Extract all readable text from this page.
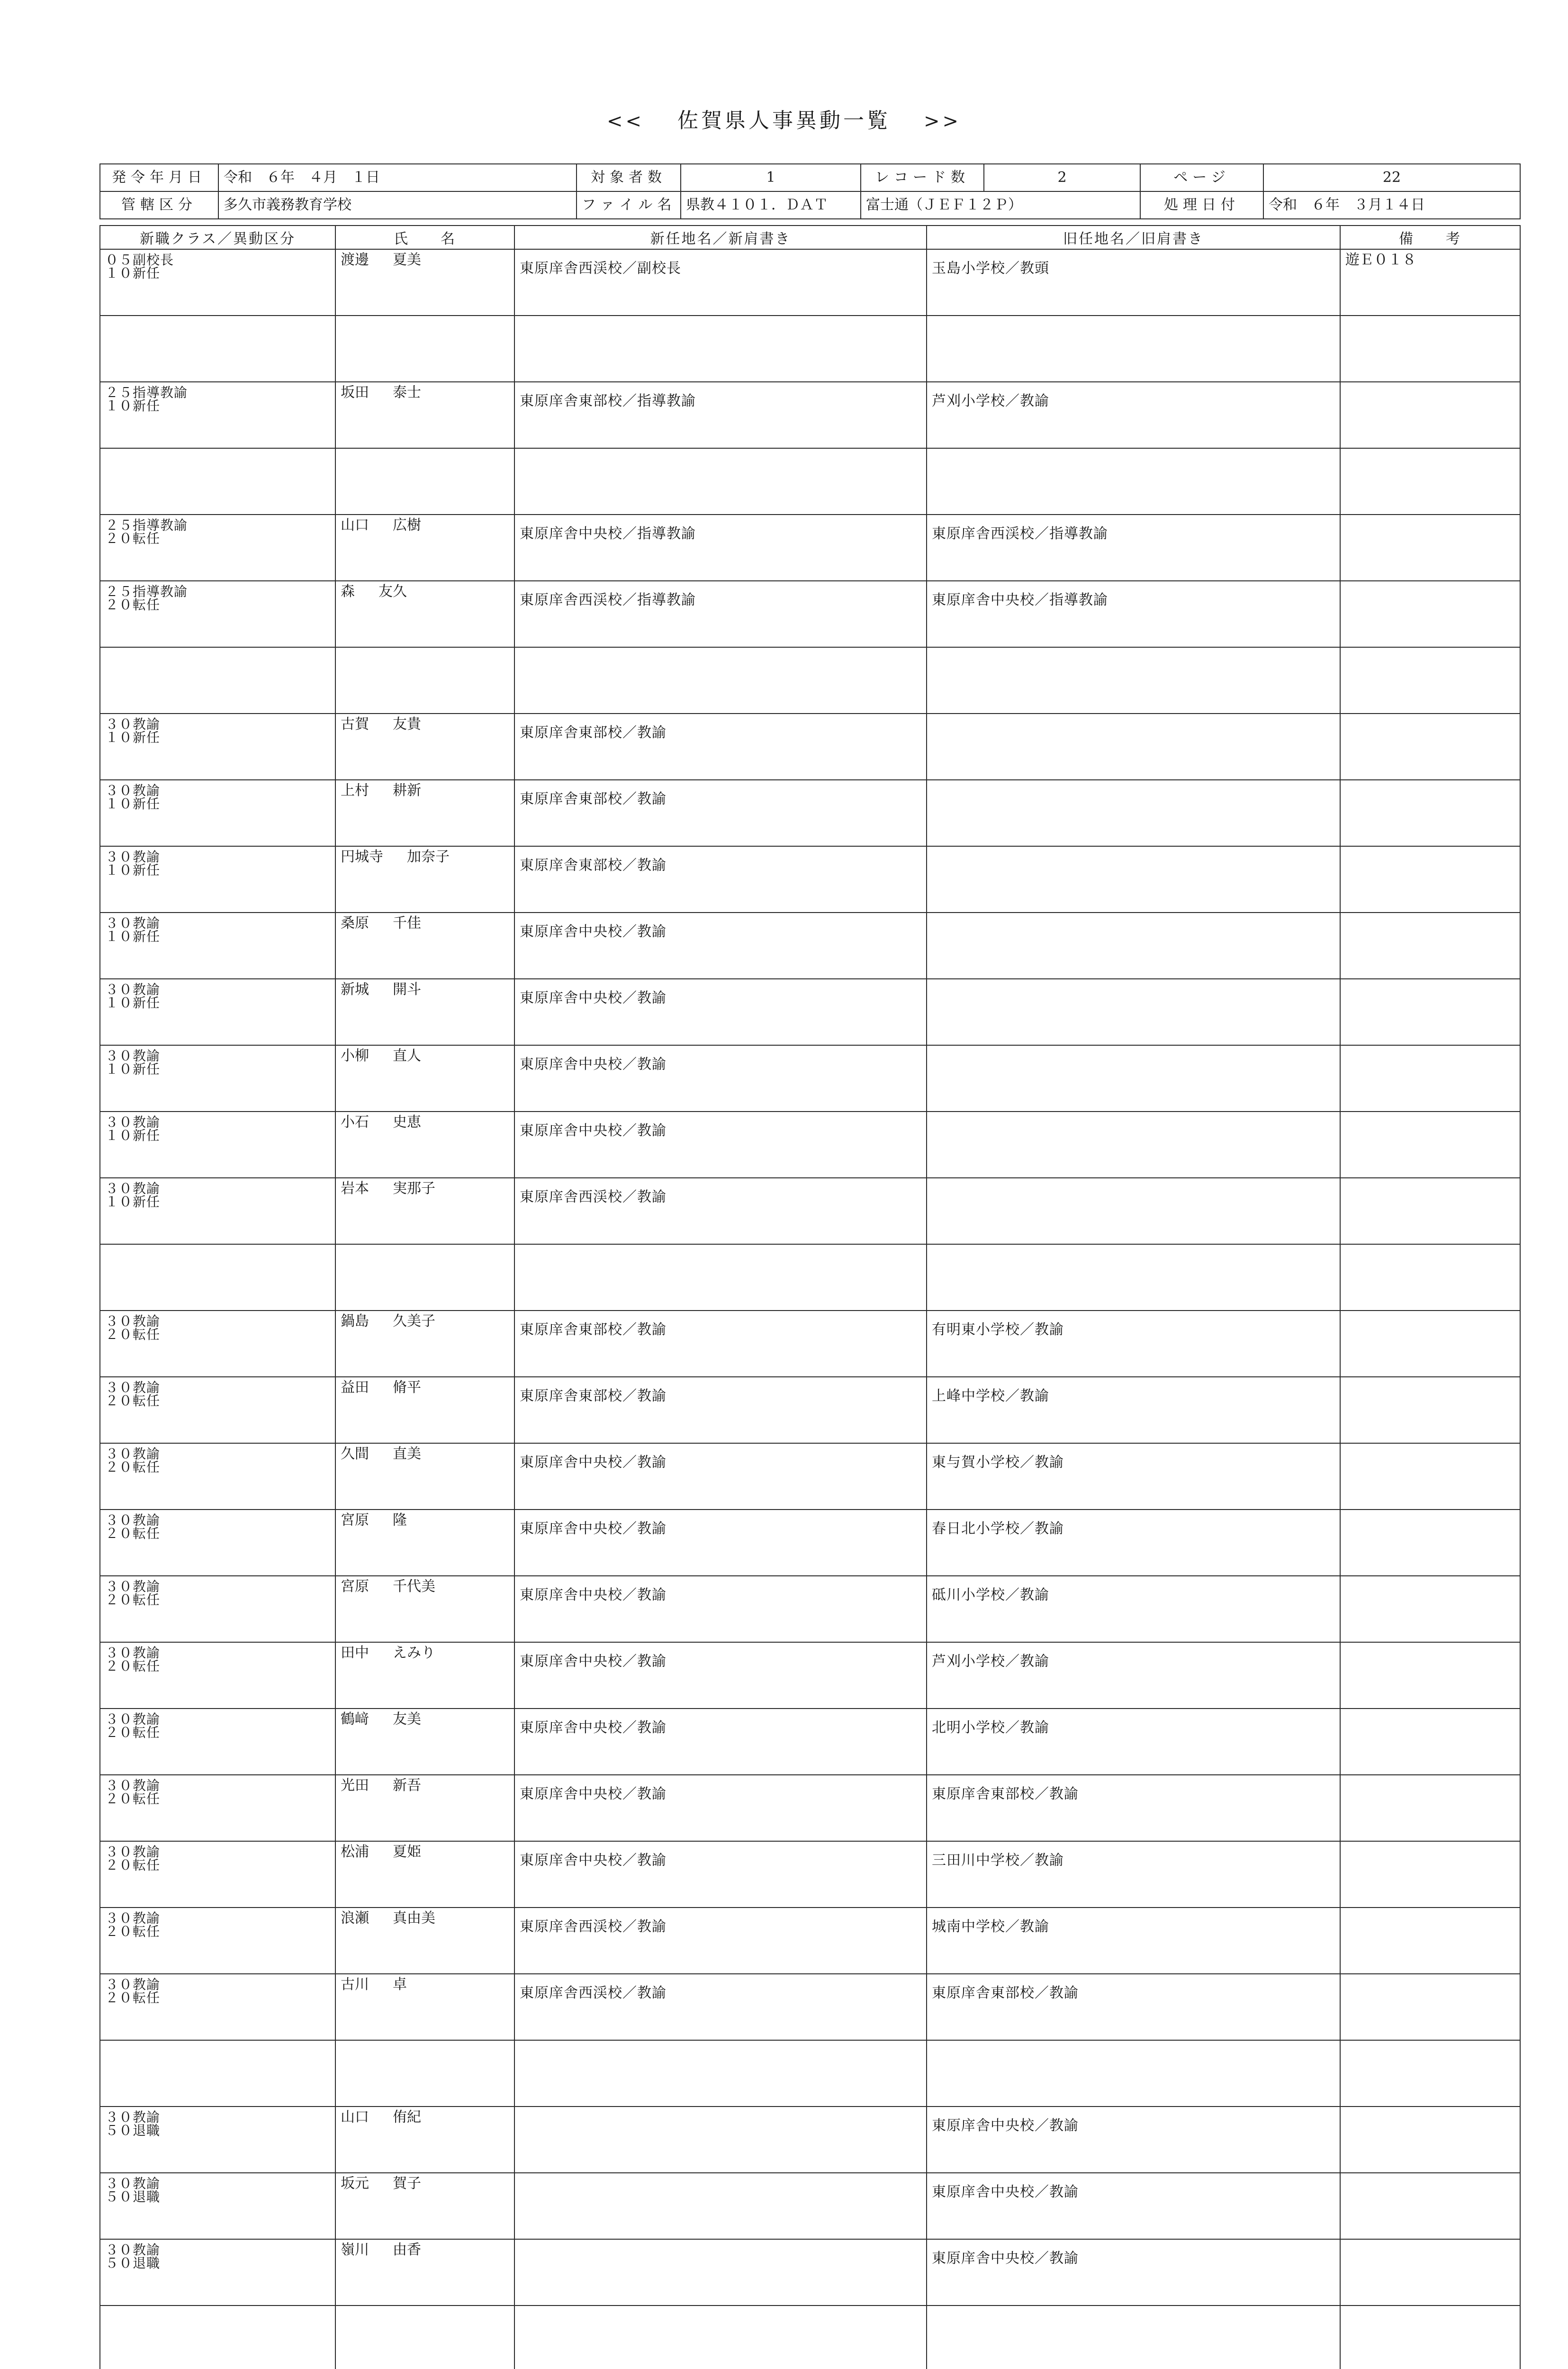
<< 佐賀県人事異動一覧 >>
発令年月日	令和　６年　４月　１日	対象者数	1	レコード数	2	ページ	22
管轄区分	多久市義務教育学校	ファイル名	県教４１０１．ＤＡＴ	富士通（ＪＥＦ１２Ｐ）		処理日付	令和　６年　３月１４日
新職クラス／異動区分	氏　　名	新任地名／新肩書き	旧任地名／旧肩書き	備　　考

０５副校長
１０新任	渡邊 夏美	東原庠舎西渓校／副校長	玉島小学校／教頭	遊Ｅ０１８

２５指導教諭
１０新任	坂田 泰士	東原庠舎東部校／指導教諭	芦刈小学校／教諭	

２５指導教諭
２０転任	山口 広樹	東原庠舎中央校／指導教諭	東原庠舎西渓校／指導教諭	

２５指導教諭
２０転任	森 友久	東原庠舎西渓校／指導教諭	東原庠舎中央校／指導教諭	

３０教諭
１０新任	古賀 友貴	東原庠舎東部校／教諭		

３０教諭
１０新任	上村 耕新	東原庠舎東部校／教諭		

３０教諭
１０新任	円城寺 加奈子	東原庠舎東部校／教諭		

３０教諭
１０新任	桑原 千佳	東原庠舎中央校／教諭		

３０教諭
１０新任	新城 開斗	東原庠舎中央校／教諭		

３０教諭
１０新任	小柳 直人	東原庠舎中央校／教諭		

３０教諭
１０新任	小石 史恵	東原庠舎中央校／教諭		

３０教諭
１０新任	岩本 実那子	東原庠舎西渓校／教諭		

３０教諭
２０転任	鍋島 久美子	東原庠舎東部校／教諭	有明東小学校／教諭	

３０教諭
２０転任	益田 脩平	東原庠舎東部校／教諭	上峰中学校／教諭	

３０教諭
２０転任	久間 直美	東原庠舎中央校／教諭	東与賀小学校／教諭	

３０教諭
２０転任	宮原 隆	東原庠舎中央校／教諭	春日北小学校／教諭	

３０教諭
２０転任	宮原 千代美	東原庠舎中央校／教諭	砥川小学校／教諭	

３０教諭
２０転任	田中 えみり	東原庠舎中央校／教諭	芦刈小学校／教諭	

３０教諭
２０転任	鶴﨑 友美	東原庠舎中央校／教諭	北明小学校／教諭	

３０教諭
２０転任	光田 新吾	東原庠舎中央校／教諭	東原庠舎東部校／教諭	

３０教諭
２０転任	松浦 夏姫	東原庠舎中央校／教諭	三田川中学校／教諭	

３０教諭
２０転任	浪瀬 真由美	東原庠舎西渓校／教諭	城南中学校／教諭	

３０教諭
２０転任	古川 卓	東原庠舎西渓校／教諭	東原庠舎東部校／教諭	

３０教諭
５０退職	山口 侑紀		東原庠舎中央校／教諭	

３０教諭
５０退職	坂元 賀子		東原庠舎中央校／教諭	

３０教諭
５０退職	嶺川 由香		東原庠舎中央校／教諭	
